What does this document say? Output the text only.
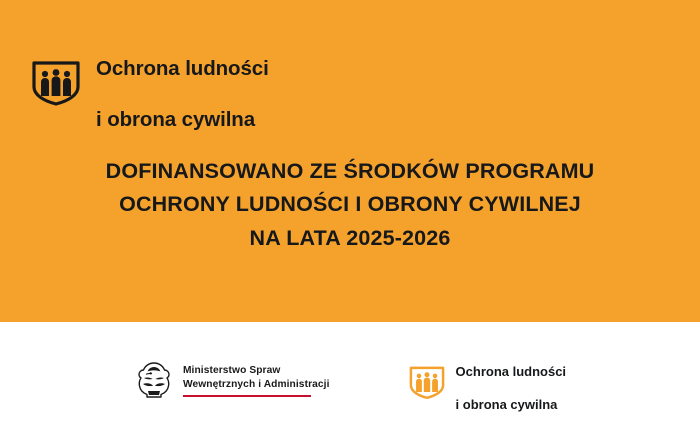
Ochrona ludności

i obrona cywilna

DOFINANSOWANO ZE ŚRODKÓW PROGRAMU
OCHRONY LUDNOŚCI I OBRONY CYWILNEJ
NA LATA 2025-2026
Ministerstwo Spraw
Wewnętrznych i Administracji

Ochrona ludności

i obrona cywilna
